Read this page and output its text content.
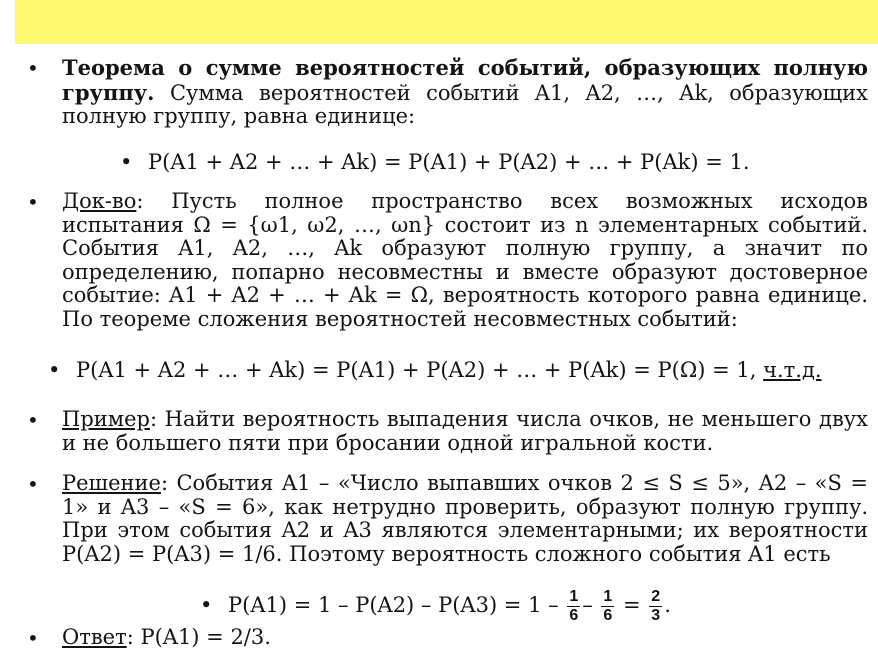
• Теорема о сумме вероятностей событий, образующих полную группу. Сумма вероятностей событий A1, A2, …, Ak, образующих полную группу, равна единице:
• P(A1 + A2 + … + Ak) = P(A1) + P(A2) + … + P(Ak) = 1.
• Док-во: Пусть полное пространство всех возможных исходов испытания Ω = {ω1, ω2, …, ωn} состоит из n элементарных событий. События A1, A2, …, Ak образуют полную группу, а значит по определению, попарно несовместны и вместе образуют достоверное событие: A1 + A2 + … + Ak = Ω, вероятность которого равна единице. По теореме сложения вероятностей несовместных событий:
• P(A1 + A2 + … + Ak) = P(A1) + P(A2) + … + P(Ak) = P(Ω) = 1, ч.т.д.
• Пример: Найти вероятность выпадения числа очков, не меньшего двух и не большего пяти при бросании одной игральной кости.
• Решение: События A1 – «Число выпавших очков 2 ≤ S ≤ 5», A2 – «S = 1» и A3 – «S = 6», как нетрудно проверить, образуют полную группу. При этом события A2 и A3 являются элементарными; их вероятности P(A2) = P(A3) = 1/6. Поэтому вероятность сложного события A1 есть
• $P(A1) = 1 - P(A2) - P(A3) = 1 - \frac{1}{6} - \frac{1}{6} = \frac{2}{3}$ .
• Ответ: P(A1) = 2/3.
